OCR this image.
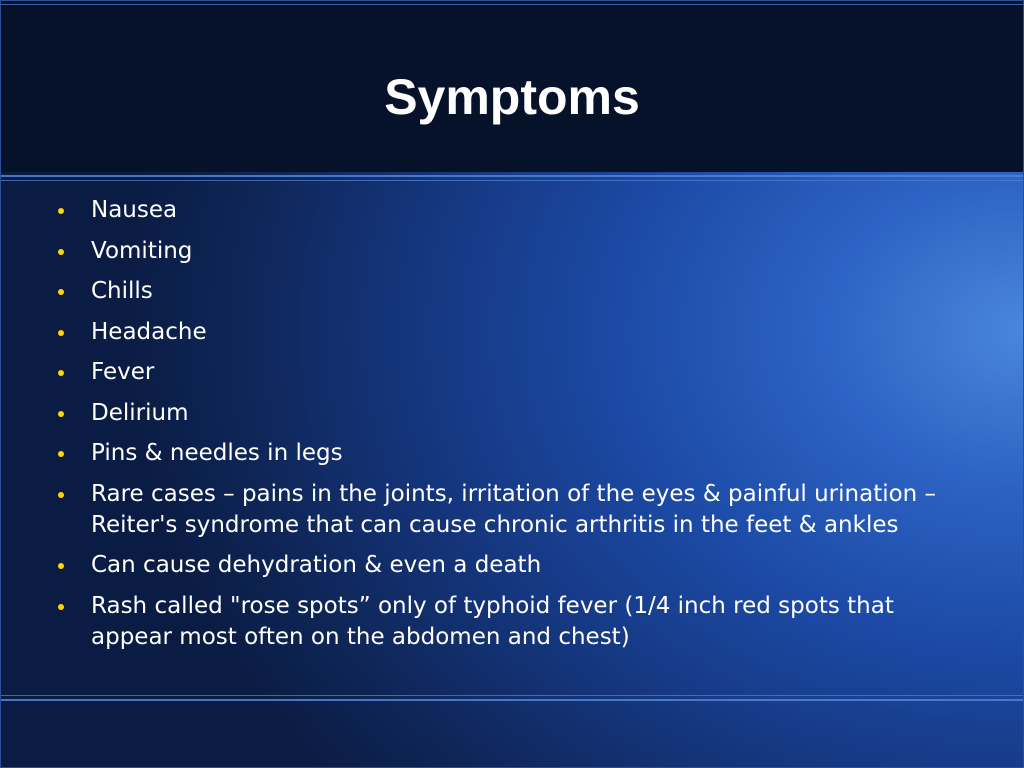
Symptoms
Nausea
Vomiting
Chills
Headache
Fever
Delirium
Pins & needles in legs
Rare cases – pains in the joints, irritation of the eyes & painful urination – Reiter's syndrome that can cause chronic arthritis in the feet & ankles
Can cause dehydration & even a death
Rash called "rose spots” only of typhoid fever (1/4 inch red spots that appear most often on the abdomen and chest)
